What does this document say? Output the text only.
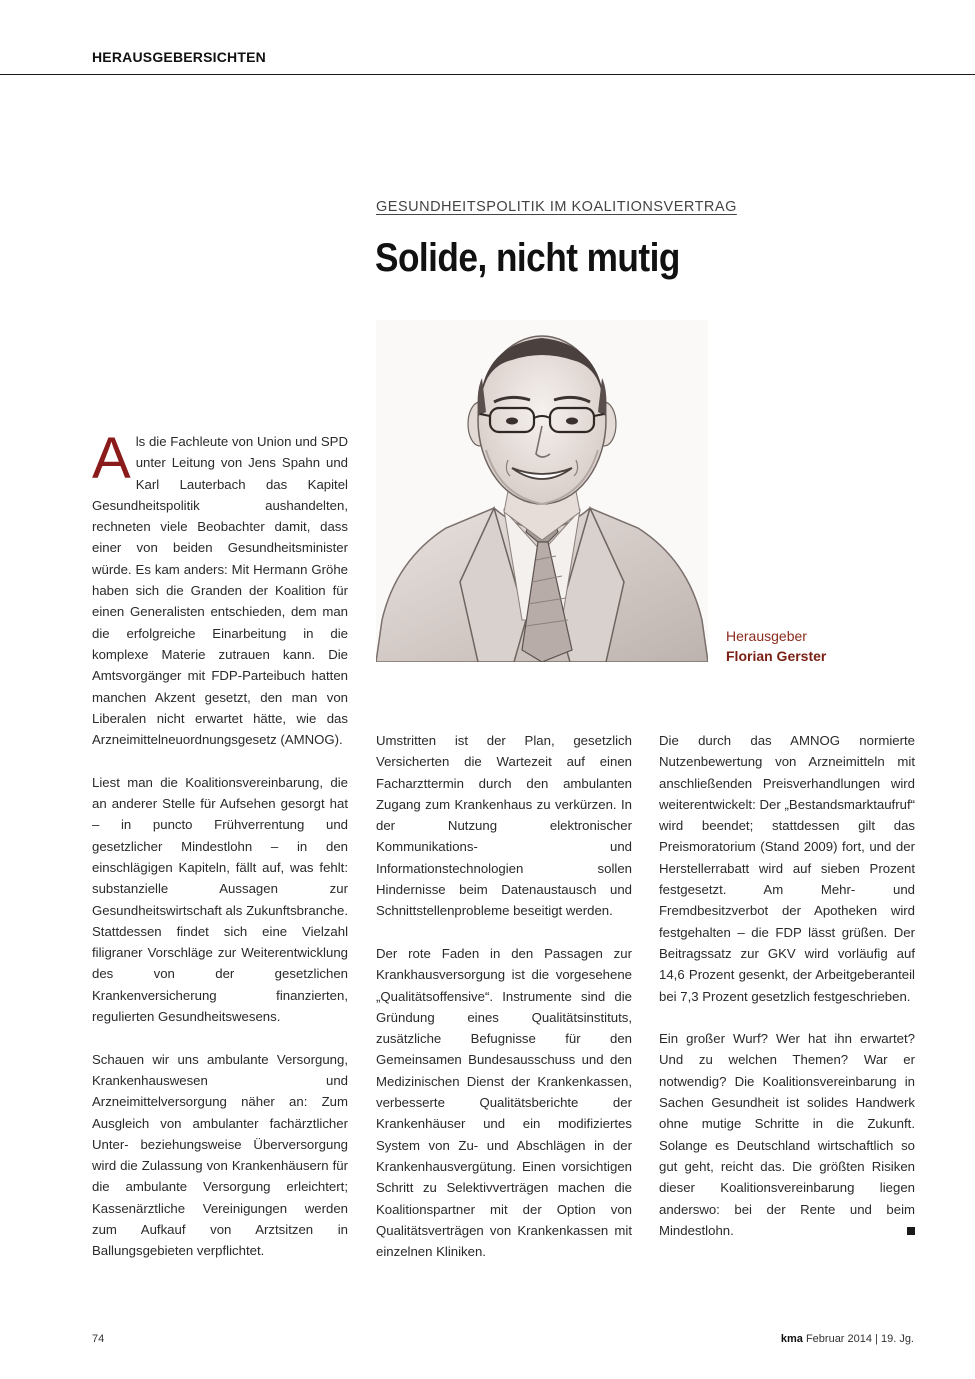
HERAUSGEBERSICHTEN
GESUNDHEITSPOLITIK IM KOALITIONSVERTRAG
Solide, nicht mutig
Herausgeber
Florian Gerster

Als die Fachleute von Union und SPD unter Leitung von Jens Spahn und Karl Lauterbach das Kapitel Gesundheitspolitik aushandelten, rechneten viele Beobachter damit, dass einer von beiden Gesundheitsminister würde. Es kam anders: Mit Hermann Gröhe haben sich die Granden der Koalition für einen Generalisten entschieden, dem man die erfolgreiche Einarbeitung in die komplexe Materie zutrauen kann. Die Amtsvorgänger mit FDP-Parteibuch hatten manchen Akzent gesetzt, den man von Liberalen nicht erwartet hätte, wie das Arzneimittelneuordnungsgesetz (AMNOG).

Liest man die Koalitionsvereinbarung, die an anderer Stelle für Aufsehen gesorgt hat – in puncto Frühverrentung und gesetzlicher Mindestlohn – in den einschlägigen Kapiteln, fällt auf, was fehlt: substanzielle Aussagen zur Gesundheitswirtschaft als Zukunftsbranche. Stattdessen findet sich eine Vielzahl filigraner Vorschläge zur Weiterentwicklung des von der gesetzlichen Krankenversicherung finanzierten, regulierten Gesundheitswesens.

Schauen wir uns ambulante Versorgung, Krankenhauswesen und Arzneimittelversorgung näher an: Zum Ausgleich von ambulanter fachärztlicher Unter- beziehungsweise Überversorgung wird die Zulassung von Krankenhäusern für die ambulante Versorgung erleichtert; Kassenärztliche Vereinigungen werden zum Aufkauf von Arztsitzen in Ballungsgebieten verpflichtet.

Umstritten ist der Plan, gesetzlich Versicherten die Wartezeit auf einen Facharzttermin durch den ambulanten Zugang zum Krankenhaus zu verkürzen. In der Nutzung elektronischer Kommunikations- und Informationstechnologien sollen Hindernisse beim Datenaustausch und Schnittstellenprobleme beseitigt werden.

Der rote Faden in den Passagen zur Krankhausversorgung ist die vorgesehene „Qualitätsoffensive“. Instrumente sind die Gründung eines Qualitätsinstituts, zusätzliche Befugnisse für den Gemeinsamen Bundesausschuss und den Medizinischen Dienst der Krankenkassen, verbesserte Qualitätsberichte der Krankenhäuser und ein modifiziertes System von Zu- und Abschlägen in der Krankenhausvergütung. Einen vorsichtigen Schritt zu Selektivverträgen machen die Koalitionspartner mit der Option von Qualitätsverträgen von Krankenkassen mit einzelnen Kliniken.

Die durch das AMNOG normierte Nutzenbewertung von Arzneimitteln mit anschließenden Preisverhandlungen wird weiterentwickelt: Der „Bestandsmarktaufruf“ wird beendet; stattdessen gilt das Preismoratorium (Stand 2009) fort, und der Herstellerrabatt wird auf sieben Prozent festgesetzt. Am Mehr- und Fremdbesitzverbot der Apotheken wird festgehalten – die FDP lässt grüßen. Der Beitragssatz zur GKV wird vorläufig auf 14,6 Prozent gesenkt, der Arbeitgeberanteil bei 7,3 Prozent gesetzlich festgeschrieben.

Ein großer Wurf? Wer hat ihn erwartet? Und zu welchen Themen? War er notwendig? Die Koalitionsvereinbarung in Sachen Gesundheit ist solides Handwerk ohne mutige Schritte in die Zukunft. Solange es Deutschland wirtschaftlich so gut geht, reicht das. Die größten Risiken dieser Koalitionsvereinbarung liegen anderswo: bei der Rente und beim Mindestlohn.

74	kma Februar 2014 | 19. Jg.
